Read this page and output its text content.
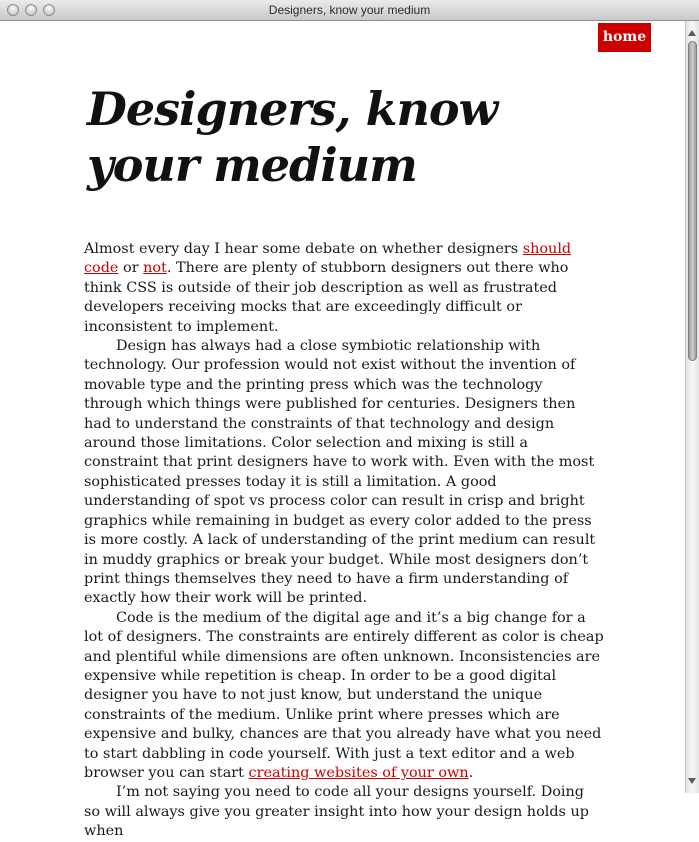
Designers, know your medium
home
Designers, know your medium

Almost every day I hear some debate on whether designers should code or not. There are plenty of stubborn designers out there who think CSS is outside of their job description as well as frustrated developers receiving mocks that are exceedingly difficult or inconsistent to implement.

Design has always had a close symbiotic relationship with technology. Our profession would not exist without the invention of movable type and the printing press which was the technology through which things were published for centuries. Designers then had to understand the constraints of that technology and design around those limitations. Color selection and mixing is still a constraint that print designers have to work with. Even with the most sophisticated presses today it is still a limitation. A good understanding of spot vs process color can result in crisp and bright graphics while remaining in budget as every color added to the press is more costly. A lack of understanding of the print medium can result in muddy graphics or break your budget. While most designers don’t print things themselves they need to have a firm understanding of exactly how their work will be printed.

Code is the medium of the digital age and it’s a big change for a lot of designers. The constraints are entirely different as color is cheap and plentiful while dimensions are often unknown. Inconsistencies are expensive while repetition is cheap. In order to be a good digital designer you have to not just know, but understand the unique constraints of the medium. Unlike print where presses which are expensive and bulky, chances are that you already have what you need to start dabbling in code yourself. With just a text editor and a web browser you can start creating websites of your own.

I’m not saying you need to code all your designs yourself. Doing so will always give you greater insight into how your design holds up when
